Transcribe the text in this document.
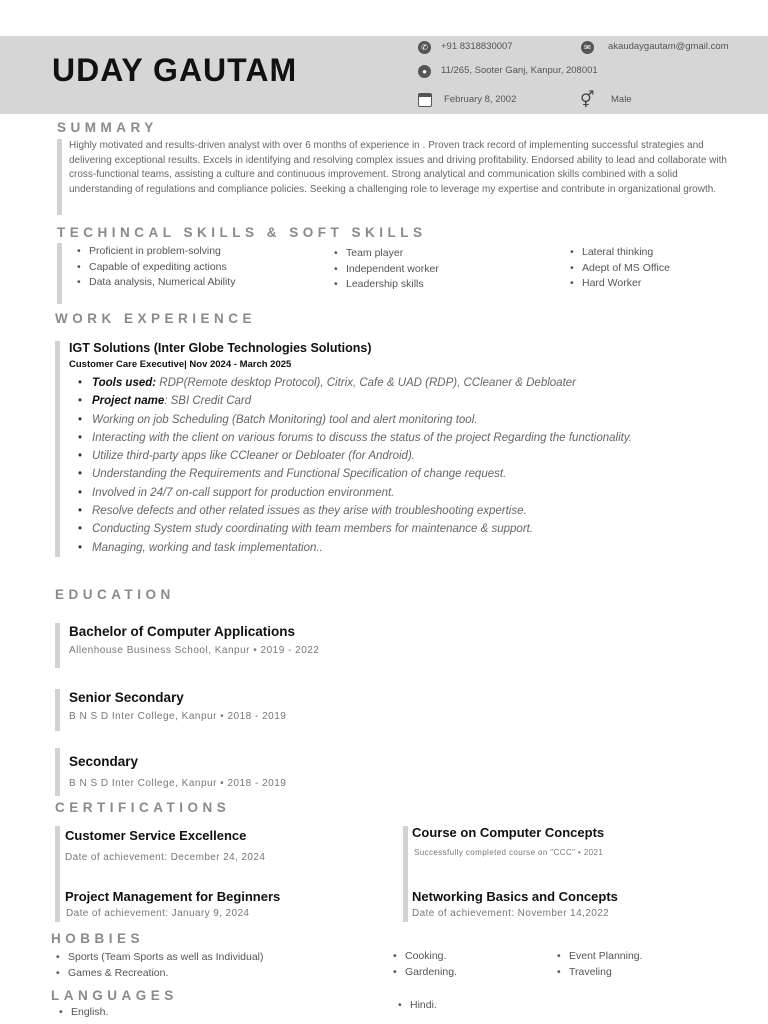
UDAY GAUTAM
✆	+91 8318830007	✉	akaudaygautam@gmail.com
●	11/265, Sooter Ganj, Kanpur, 208001
February 8, 2002	⚥ Male
SUMMARY
Highly motivated and results-driven analyst with over 6 months of experience in . Proven track record of implementing successful strategies and delivering exceptional results. Excels in identifying and resolving complex issues and driving profitability. Endorsed ability to lead and collaborate with cross-functional teams, assisting a culture and continuous improvement. Strong analytical and communication skills combined with a solid understanding of regulations and compliance policies. Seeking a challenging role to leverage my expertise and contribute in organizational growth.
TECHINCAL SKILLS & SOFT SKILLS
• Proficient in problem-solving
• Capable of expediting actions
• Data analysis, Numerical Ability
• Team player
• Independent worker
• Leadership skills
• Lateral thinking
• Adept of MS Office
• Hard Worker
WORK EXPERIENCE
IGT Solutions (Inter Globe Technologies Solutions)
Customer Care Executive| Nov 2024 - March 2025
• Tools used: RDP(Remote desktop Protocol), Citrix, Cafe & UAD (RDP), CCleaner & Debloater
• Project name: SBI Credit Card
• Working on job Scheduling (Batch Monitoring) tool and alert monitoring tool.
• Interacting with the client on various forums to discuss the status of the project Regarding the functionality.
• Utilize third-party apps like CCleaner or Debloater (for Android).
• Understanding the Requirements and Functional Specification of change request.
• Involved in 24/7 on-call support for production environment.
• Resolve defects and other related issues as they arise with troubleshooting expertise.
• Conducting System study coordinating with team members for maintenance & support.
• Managing, working and task implementation..
EDUCATION
Bachelor of Computer Applications
Allenhouse Business School, Kanpur • 2019 - 2022
Senior Secondary
B N S D Inter College, Kanpur • 2018 - 2019
Secondary
B N S D Inter College, Kanpur • 2018 - 2019
CERTIFICATIONS
Customer Service Excellence
Date of achievement: December 24, 2024
Course on Computer Concepts
Successfully completed course on "CCC" • 2021
Project Management for Beginners
Date of achievement: January 9, 2024
Networking Basics and Concepts
Date of achievement: November 14,2022
HOBBIES
• Sports (Team Sports as well as Individual)
• Games & Recreation.
• Cooking.
• Gardening.
• Event Planning.
• Traveling
LANGUAGES
• English.
• Hindi.
